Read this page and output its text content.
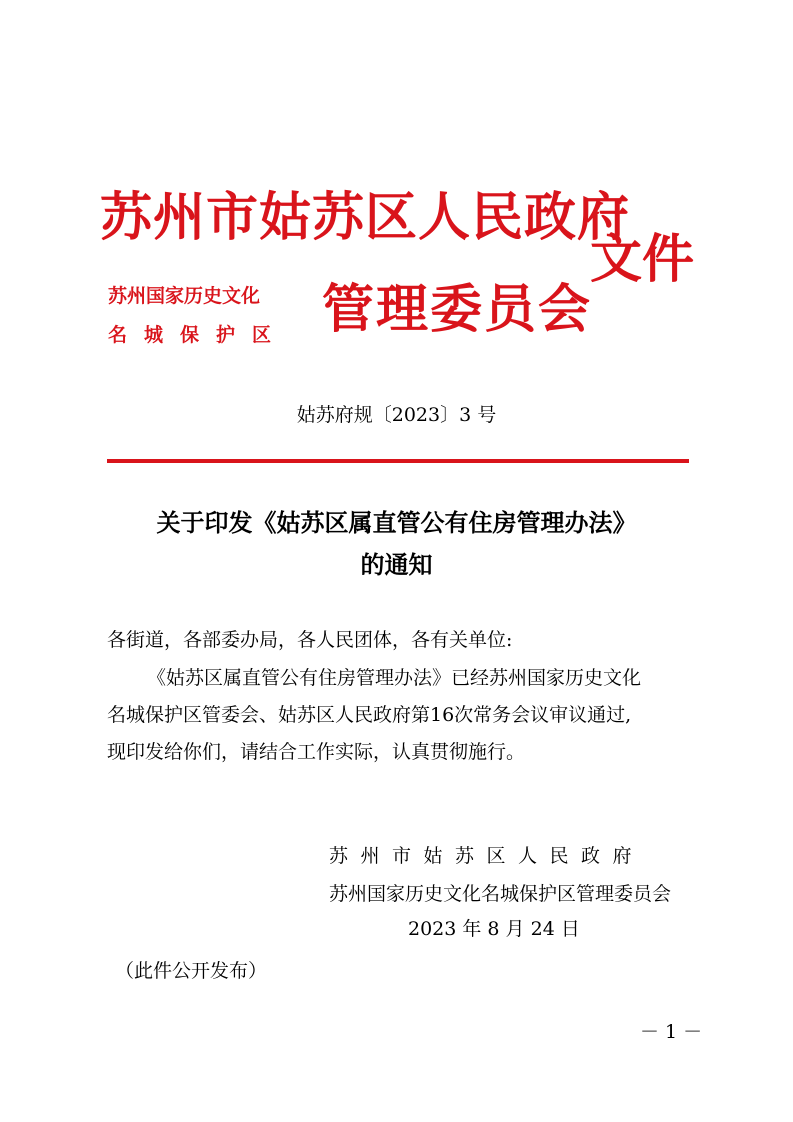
苏州市姑苏区人民政府
文件
苏州国家历史文化
名城保护区 管理委员会
姑苏府规〔2023〕3 号
关于印发《姑苏区属直管公有住房管理办法》
的通知
各街道，各部委办局，各人民团体，各有关单位:
《姑苏区属直管公有住房管理办法》已经苏州国家历史文化
名城保护区管委会、姑苏区人民政府第16次常务会议审议通过,
现印发给你们，请结合工作实际，认真贯彻施行。
苏州市姑苏区人民政府
苏州国家历史文化名城保护区管理委员会
2023 年 8 月 24 日
（此件公开发布）
－ 1 －
